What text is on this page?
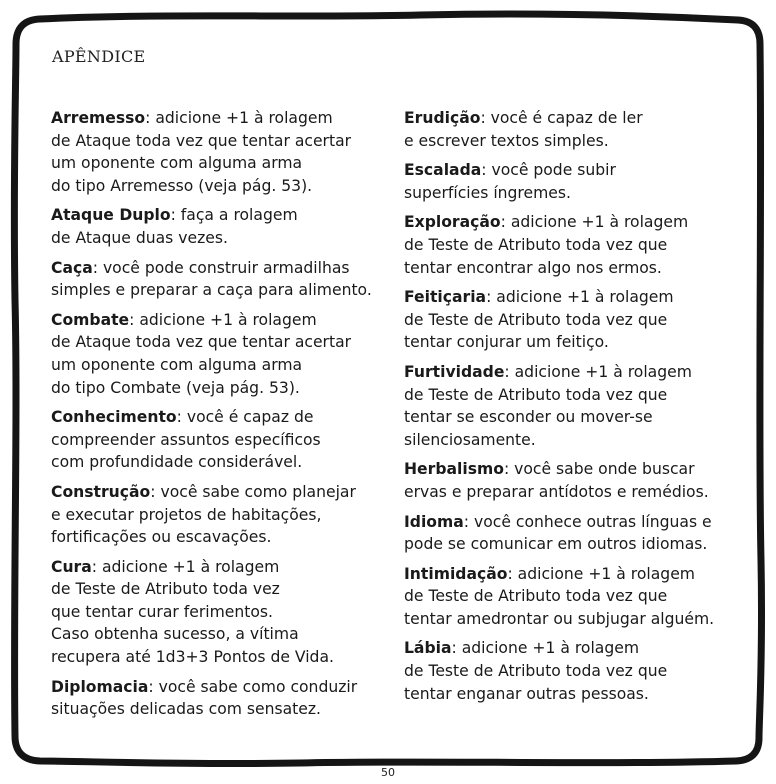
APÊNDICE
Arremesso: adicione +1 à rolagem
de Ataque toda vez que tentar acertar
um oponente com alguma arma
do tipo Arremesso (veja pág. 53).
Ataque Duplo: faça a rolagem
de Ataque duas vezes.
Caça: você pode construir armadilhas
simples e preparar a caça para alimento.
Combate: adicione +1 à rolagem
de Ataque toda vez que tentar acertar
um oponente com alguma arma
do tipo Combate (veja pág. 53).
Conhecimento: você é capaz de
compreender assuntos específicos
com profundidade considerável.
Construção: você sabe como planejar
e executar projetos de habitações,
fortificações ou escavações.
Cura: adicione +1 à rolagem
de Teste de Atributo toda vez
que tentar curar ferimentos.
Caso obtenha sucesso, a vítima
recupera até 1d3+3 Pontos de Vida.
Diplomacia: você sabe como conduzir
situações delicadas com sensatez.
Erudição: você é capaz de ler
e escrever textos simples.
Escalada: você pode subir
superfícies íngremes.
Exploração: adicione +1 à rolagem
de Teste de Atributo toda vez que
tentar encontrar algo nos ermos.
Feitiçaria: adicione +1 à rolagem
de Teste de Atributo toda vez que
tentar conjurar um feitiço.
Furtividade: adicione +1 à rolagem
de Teste de Atributo toda vez que
tentar se esconder ou mover-se
silenciosamente.
Herbalismo: você sabe onde buscar
ervas e preparar antídotos e remédios.
Idioma: você conhece outras línguas e
pode se comunicar em outros idiomas.
Intimidação: adicione +1 à rolagem
de Teste de Atributo toda vez que
tentar amedrontar ou subjugar alguém.
Lábia: adicione +1 à rolagem
de Teste de Atributo toda vez que
tentar enganar outras pessoas.
50
